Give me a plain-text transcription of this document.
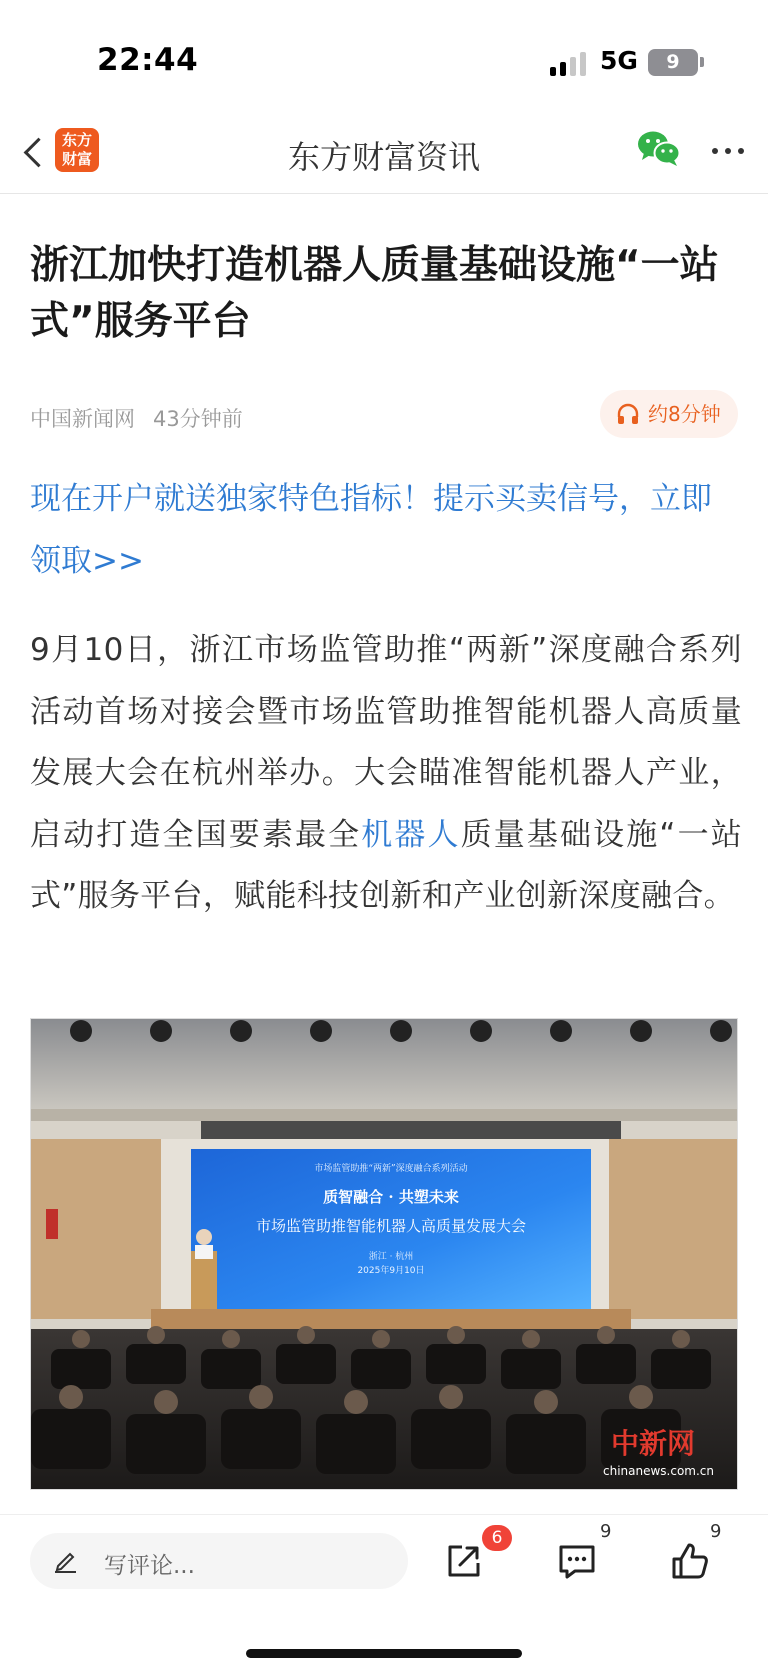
22:44	5G	9
东方
财富	东方财富资讯
浙江加快打造机器人质量基础设施“一站式”服务平台
中国新闻网 43分钟前	约8分钟
现在开户就送独家特色指标！提示买卖信号，立即领取>>

9月10日，浙江市场监管助推“两新”深度融合系列活动首场对接会暨市场监管助推智能机器人高质量发展大会在杭州举办。大会瞄准智能机器人产业，启动打造全国要素最全机器人质量基础设施“一站式”服务平台，赋能科技创新和产业创新深度融合。

市场监管助推“两新”深度融合系列活动
质智融合 · 共塑未来
市场监管助推智能机器人高质量发展大会
浙江 · 杭州
2025年9月10日
中新网
chinanews.com.cn
写评论...
6	9	9
